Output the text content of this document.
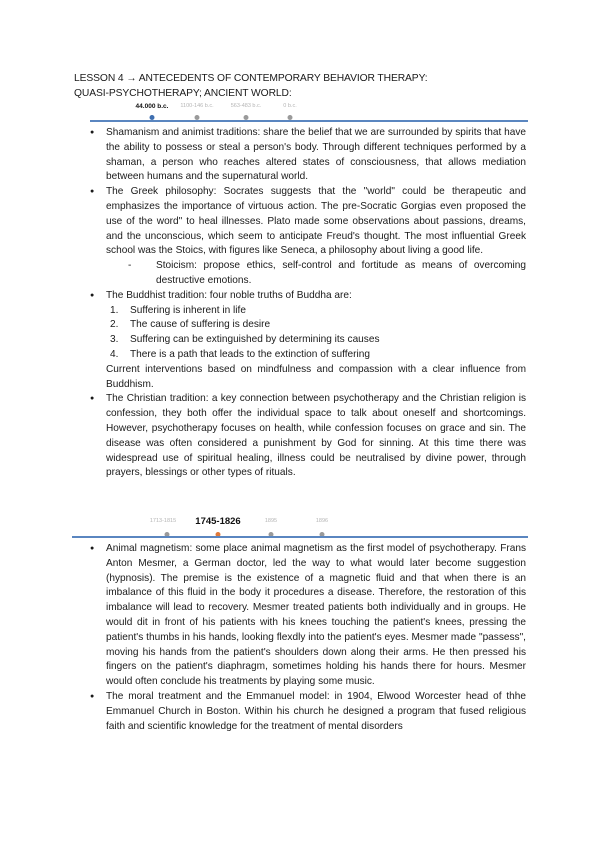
LESSON 4 → ANTECEDENTS OF CONTEMPORARY BEHAVIOR THERAPY:
QUASI-PSYCHOTHERAPY; ANCIENT WORLD:
44.000 b.c. 1100-146 b.c.	563-483 b.c.	0 b.c.
● Shamanism and animist traditions: share the belief that we are surrounded by spirits that have the ability to possess or steal a person's body. Through different techniques performed by a shaman, a person who reaches altered states of consciousness, that allows mediation between humans and the supernatural world.
● The Greek philosophy: Socrates suggests that the "world" could be therapeutic and emphasizes the importance of virtuous action. The pre-Socratic Gorgias even proposed the use of the word" to heal illnesses. Plato made some observations about passions, dreams, and the unconscious, which seem to anticipate Freud's thought. The most influential Greek school was the Stoics, with figures like Seneca, a philosophy about living a good life.
- Stoicism: propose ethics, self-control and fortitude as means of overcoming destructive emotions.
● The Buddhist tradition: four noble truths of Buddha are:
1. Suffering is inherent in life
2. The cause of suffering is desire
3. Suffering can be extinguished by determining its causes
4. There is a path that leads to the extinction of suffering
Current interventions based on mindfulness and compassion with a clear influence from Buddhism.
● The Christian tradition: a key connection between psychotherapy and the Christian religion is confession, they both offer the individual space to talk about oneself and shortcomings. However, psychotherapy focuses on health, while confession focuses on grace and sin. The disease was often considered a punishment by God for sinning. At this time there was widespread use of spiritual healing, illness could be neutralised by divine power, through prayers, blessings or other types of rituals.
1713-1815 1745-1826	1895	1896
● Animal magnetism: some place animal magnetism as the first model of psychotherapy. Frans Anton Mesmer, a German doctor, led the way to what would later become suggestion (hypnosis). The premise is the existence of a magnetic fluid and that when there is an imbalance of this fluid in the body it procedures a disease. Therefore, the restoration of this imbalance will lead to recovery. Mesmer treated patients both individually and in groups. He would dit in front of his patients with his knees touching the patient's knees, pressing the patient's thumbs in his hands, looking flexdly into the patient's eyes. Mesmer made "passess", moving his hands from the patient's shoulders down along their arms. He then pressed his fingers on the patient's diaphragm, sometimes holding his hands there for hours. Mesmer would often conclude his treatments by playing some music.
● The moral treatment and the Emmanuel model: in 1904, Elwood Worcester head of thhe Emmanuel Church in Boston. Within his church he designed a program that fused religious faith and scientific knowledge for the treatment of mental disorders
